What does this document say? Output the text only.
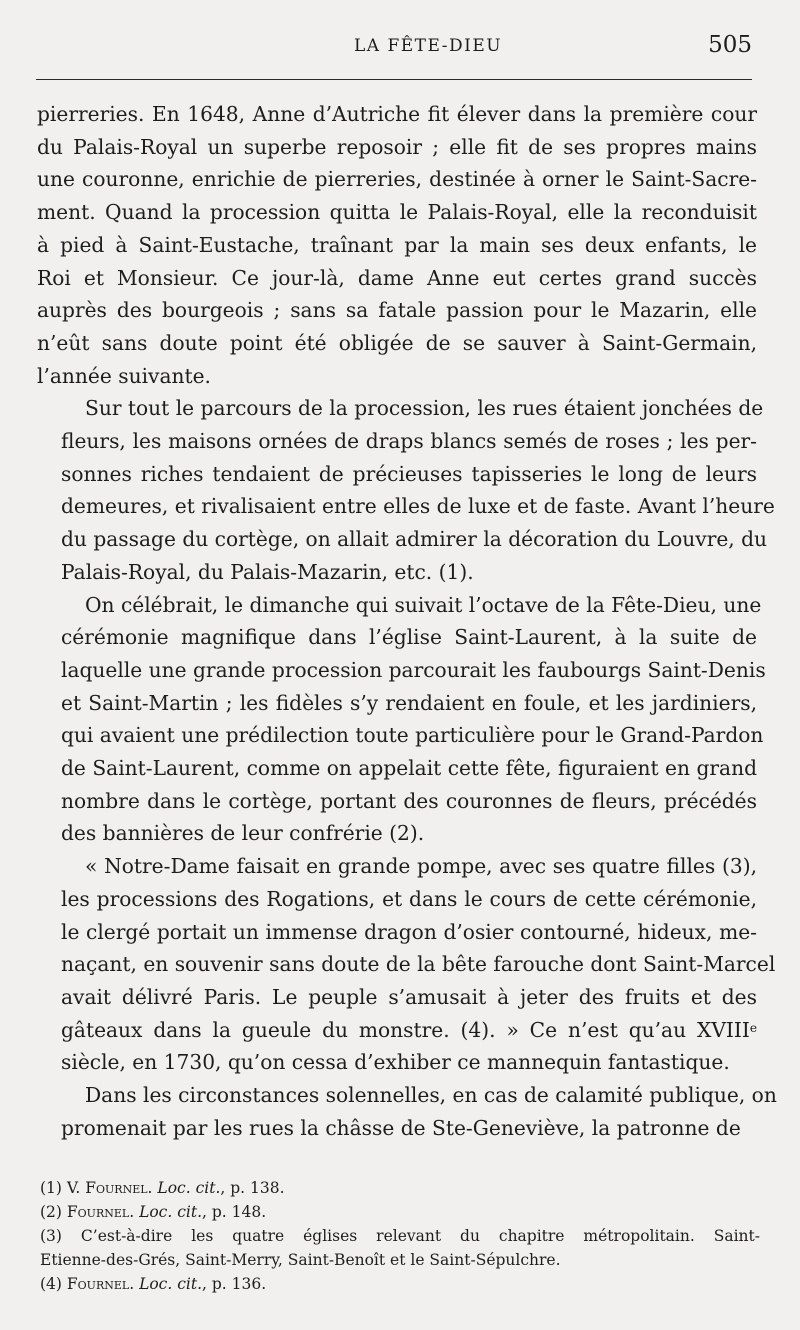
LA FÊTE-DIEU	505

pierreries. En 1648, Anne d’Autriche fit élever dans la première cour
du Palais-Royal un superbe reposoir ; elle fit de ses propres mains
une couronne, enrichie de pierreries, destinée à orner le Saint-Sacre-
ment. Quand la procession quitta le Palais-Royal, elle la reconduisit
à pied à Saint-Eustache, traînant par la main ses deux enfants, le
Roi et Monsieur. Ce jour-là, dame Anne eut certes grand succès
auprès des bourgeois ; sans sa fatale passion pour le Mazarin, elle
n’eût sans doute point été obligée de se sauver à Saint-Germain,
l’année suivante.

Sur tout le parcours de la procession, les rues étaient jonchées de
fleurs, les maisons ornées de draps blancs semés de roses ; les per-
sonnes riches tendaient de précieuses tapisseries le long de leurs
demeures, et rivalisaient entre elles de luxe et de faste. Avant l’heure
du passage du cortège, on allait admirer la décoration du Louvre, du
Palais-Royal, du Palais-Mazarin, etc. (1).

On célébrait, le dimanche qui suivait l’octave de la Fête-Dieu, une
cérémonie magnifique dans l’église Saint-Laurent, à la suite de
laquelle une grande procession parcourait les faubourgs Saint-Denis
et Saint-Martin ; les fidèles s’y rendaient en foule, et les jardiniers,
qui avaient une prédilection toute particulière pour le Grand-Pardon
de Saint-Laurent, comme on appelait cette fête, figuraient en grand
nombre dans le cortège, portant des couronnes de fleurs, précédés
des bannières de leur confrérie (2).

« Notre-Dame faisait en grande pompe, avec ses quatre filles (3),
les processions des Rogations, et dans le cours de cette cérémonie,
le clergé portait un immense dragon d’osier contourné, hideux, me-
naçant, en souvenir sans doute de la bête farouche dont Saint-Marcel
avait délivré Paris. Le peuple s’amusait à jeter des fruits et des
gâteaux dans la gueule du monstre. (4). » Ce n’est qu’au XVIIIe
siècle, en 1730, qu’on cessa d’exhiber ce mannequin fantastique.

Dans les circonstances solennelles, en cas de calamité publique, on
promenait par les rues la châsse de Ste-Geneviève, la patronne de

(1) V. Fournel. Loc. cit., p. 138.

(2) Fournel. Loc. cit., p. 148.

(3) C’est-à-dire les quatre églises relevant du chapitre métropolitain. Saint-
Etienne-des-Grés, Saint-Merry, Saint-Benoît et le Saint-Sépulchre.

(4) Fournel. Loc. cit., p. 136.
